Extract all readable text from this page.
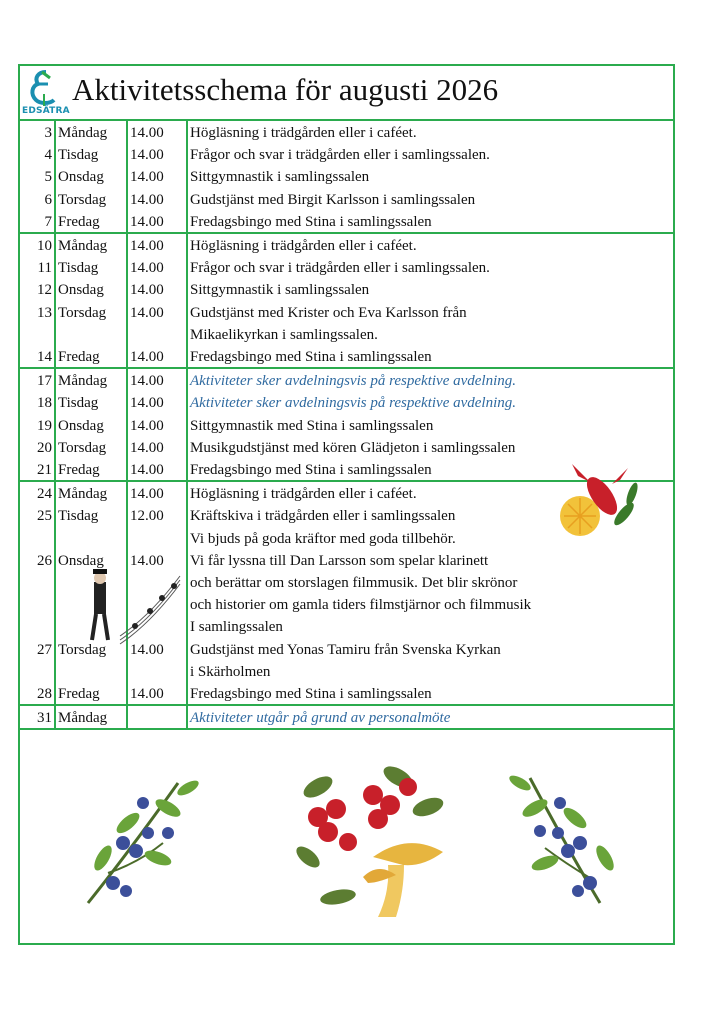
EDSÄTRA
Aktivitetsschema för augusti 2026
3 Måndag 14.00 Högläsning i trädgården eller i caféet.
4 Tisdag 14.00 Frågor och svar i trädgården eller i samlingssalen.
5 Onsdag 14.00 Sittgymnastik i samlingssalen
6 Torsdag 14.00 Gudstjänst med Birgit Karlsson i samlingssalen
7 Fredag 14.00 Fredagsbingo med Stina i samlingssalen
10 Måndag 14.00 Högläsning i trädgården eller i caféet.
11 Tisdag 14.00 Frågor och svar i trädgården eller i samlingssalen.
12 Onsdag 14.00 Sittgymnastik i samlingssalen
13 Torsdag 14.00 Gudstjänst med Krister och Eva Karlsson från
Mikaelikyrkan i samlingssalen.
14 Fredag 14.00 Fredagsbingo med Stina i samlingssalen
17 Måndag 14.00 Aktiviteter sker avdelningsvis på respektive avdelning.
18 Tisdag 14.00 Aktiviteter sker avdelningsvis på respektive avdelning.
19 Onsdag 14.00 Sittgymnastik med Stina i samlingssalen
20 Torsdag 14.00 Musikgudstjänst med kören Glädjeton i samlingssalen
21 Fredag 14.00 Fredagsbingo med Stina i samlingssalen
24 Måndag 14.00 Högläsning i trädgården eller i caféet.
25 Tisdag 12.00 Kräftskiva i trädgården eller i samlingssalen
Vi bjuds på goda kräftor med goda tillbehör.
26 Onsdag 14.00 Vi får lyssna till Dan Larsson som spelar klarinett
och berättar om storslagen filmmusik. Det blir skrönor
och historier om gamla tiders filmstjärnor och filmmusik
I samlingssalen
27 Torsdag 14.00 Gudstjänst med Yonas Tamiru från Svenska Kyrkan
i Skärholmen
28 Fredag 14.00 Fredagsbingo med Stina i samlingssalen
31 Måndag	Aktiviteter utgår på grund av personalmöte
